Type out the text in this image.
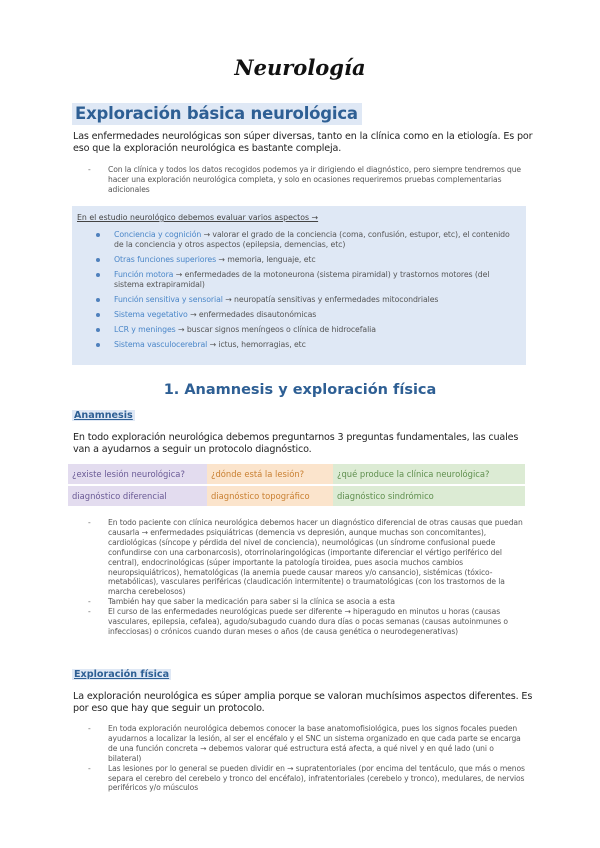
Neurología
Exploración básica neurológica

Las enfermedades neurológicas son súper diversas, tanto en la clínica como en la etiología. Es por eso que la exploración neurológica es bastante compleja.

- Con la clínica y todos los datos recogidos podemos ya ir dirigiendo el diagnóstico, pero siempre tendremos que hacer una exploración neurológica completa, y solo en ocasiones requeriremos pruebas complementarias adicionales
En el estudio neurológico debemos evaluar varios aspectos →
Conciencia y cognición → valorar el grado de la conciencia (coma, confusión, estupor, etc), el contenido de la conciencia y otros aspectos (epilepsia, demencias, etc)
Otras funciones superiores → memoria, lenguaje, etc
Función motora → enfermedades de la motoneurona (sistema piramidal) y trastornos motores (del sistema extrapiramidal)
Función sensitiva y sensorial → neuropatía sensitivas y enfermedades mitocondriales
Sistema vegetativo → enfermedades disautonómicas
LCR y meninges → buscar signos meníngeos o clínica de hidrocefalia
Sistema vasculocerebral → ictus, hemorragias, etc
1. Anamnesis y exploración física
Anamnesis

En todo exploración neurológica debemos preguntarnos 3 preguntas fundamentales, las cuales van a ayudarnos a seguir un protocolo diagnóstico.

¿existe lesión neurológica?	¿dónde está la lesión?	¿qué produce la clínica neurológica?
diagnóstico diferencial	diagnóstico topográfico	diagnóstico sindrómico
- En todo paciente con clínica neurológica debemos hacer un diagnóstico diferencial de otras causas que puedan causarla → enfermedades psiquiátricas (demencia vs depresión, aunque muchas son concomitantes), cardiológicas (síncope y pérdida del nivel de conciencia), neumológicas (un síndrome confusional puede confundirse con una carbonarcosis), otorrinolaringológicas (importante diferenciar el vértigo periférico del central), endocrinológicas (súper importante la patología tiroidea, pues asocia muchos cambios neuropsiquiátricos), hematológicas (la anemia puede causar mareos y/o cansancio), sistémicas (tóxico-metabólicas), vasculares periféricas (claudicación intermitente) o traumatológicas (con los trastornos de la marcha cerebelosos)
- También hay que saber la medicación para saber si la clínica se asocia a esta
- El curso de las enfermedades neurológicas puede ser diferente → hiperagudo en minutos u horas (causas vasculares, epilepsia, cefalea), agudo/subagudo cuando dura días o pocas semanas (causas autoinmunes o infecciosas) o crónicos cuando duran meses o años (de causa genética o neurodegenerativas)
Exploración física

La exploración neurológica es súper amplia porque se valoran muchísimos aspectos diferentes. Es por eso que hay que seguir un protocolo.

- En toda exploración neurológica debemos conocer la base anatomofisiológica, pues los signos focales pueden ayudarnos a localizar la lesión, al ser el encéfalo y el SNC un sistema organizado en que cada parte se encarga de una función concreta → debemos valorar qué estructura está afecta, a qué nivel y en qué lado (uni o bilateral)
- Las lesiones por lo general se pueden dividir en → supratentoriales (por encima del tentáculo, que más o menos separa el cerebro del cerebelo y tronco del encéfalo), infratentoriales (cerebelo y tronco), medulares, de nervios periféricos y/o músculos
